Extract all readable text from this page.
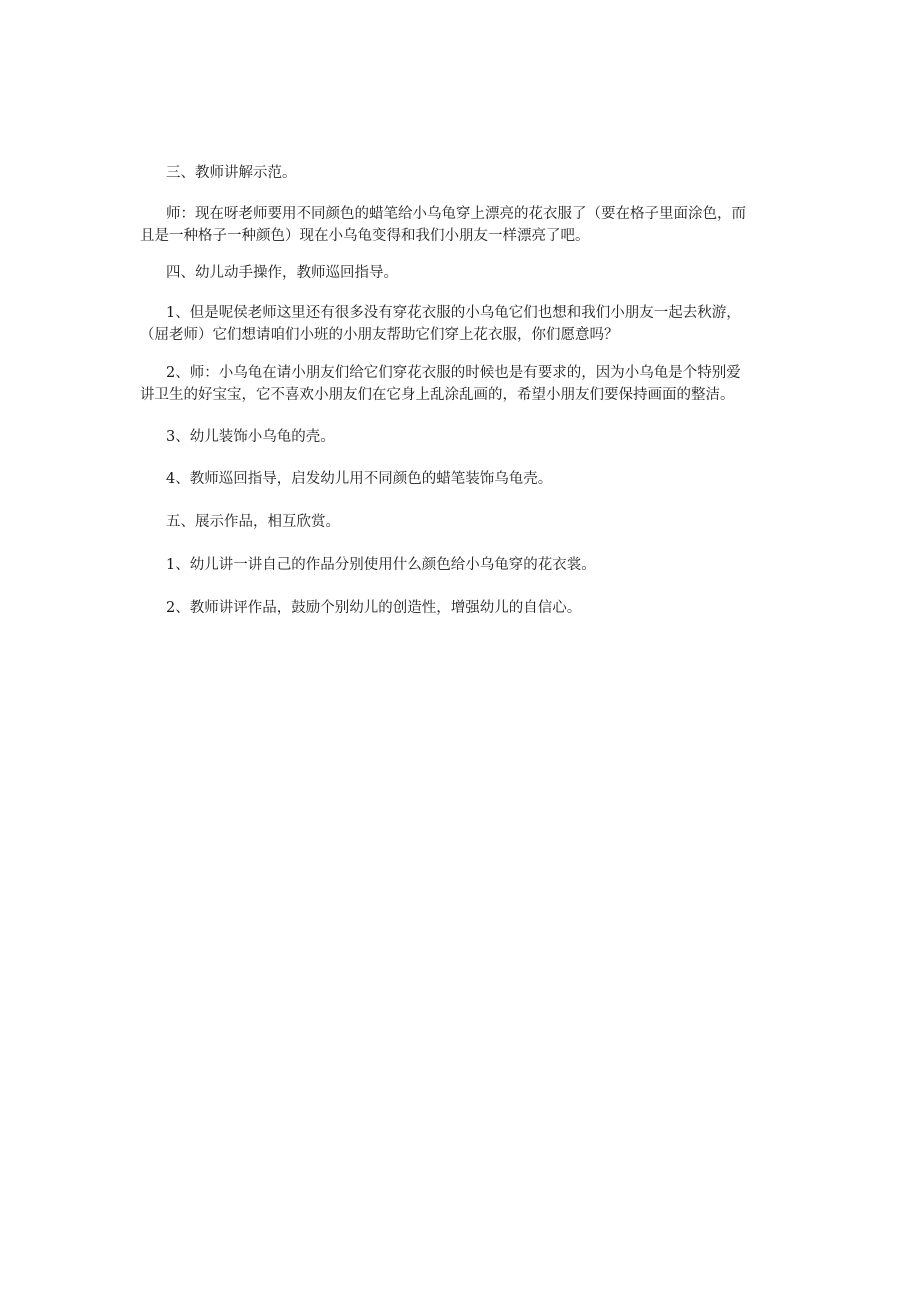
三、教师讲解示范。

师：现在呀老师要用不同颜色的蜡笔给小乌龟穿上漂亮的花衣服了（要在格子里面涂色，而
且是一种格子一种颜色）现在小乌龟变得和我们小朋友一样漂亮了吧。

四、幼儿动手操作，教师巡回指导。

1、但是呢侯老师这里还有很多没有穿花衣服的小乌龟它们也想和我们小朋友一起去秋游，
（屈老师）它们想请咱们小班的小朋友帮助它们穿上花衣服，你们愿意吗？

2、师：小乌龟在请小朋友们给它们穿花衣服的时候也是有要求的，因为小乌龟是个特别爱
讲卫生的好宝宝，它不喜欢小朋友们在它身上乱涂乱画的，希望小朋友们要保持画面的整洁。

3、幼儿装饰小乌龟的壳。

4、教师巡回指导，启发幼儿用不同颜色的蜡笔装饰乌龟壳。

五、展示作品，相互欣赏。

1、幼儿讲一讲自己的作品分别使用什么颜色给小乌龟穿的花衣裳。

2、教师讲评作品，鼓励个别幼儿的创造性，增强幼儿的自信心。
